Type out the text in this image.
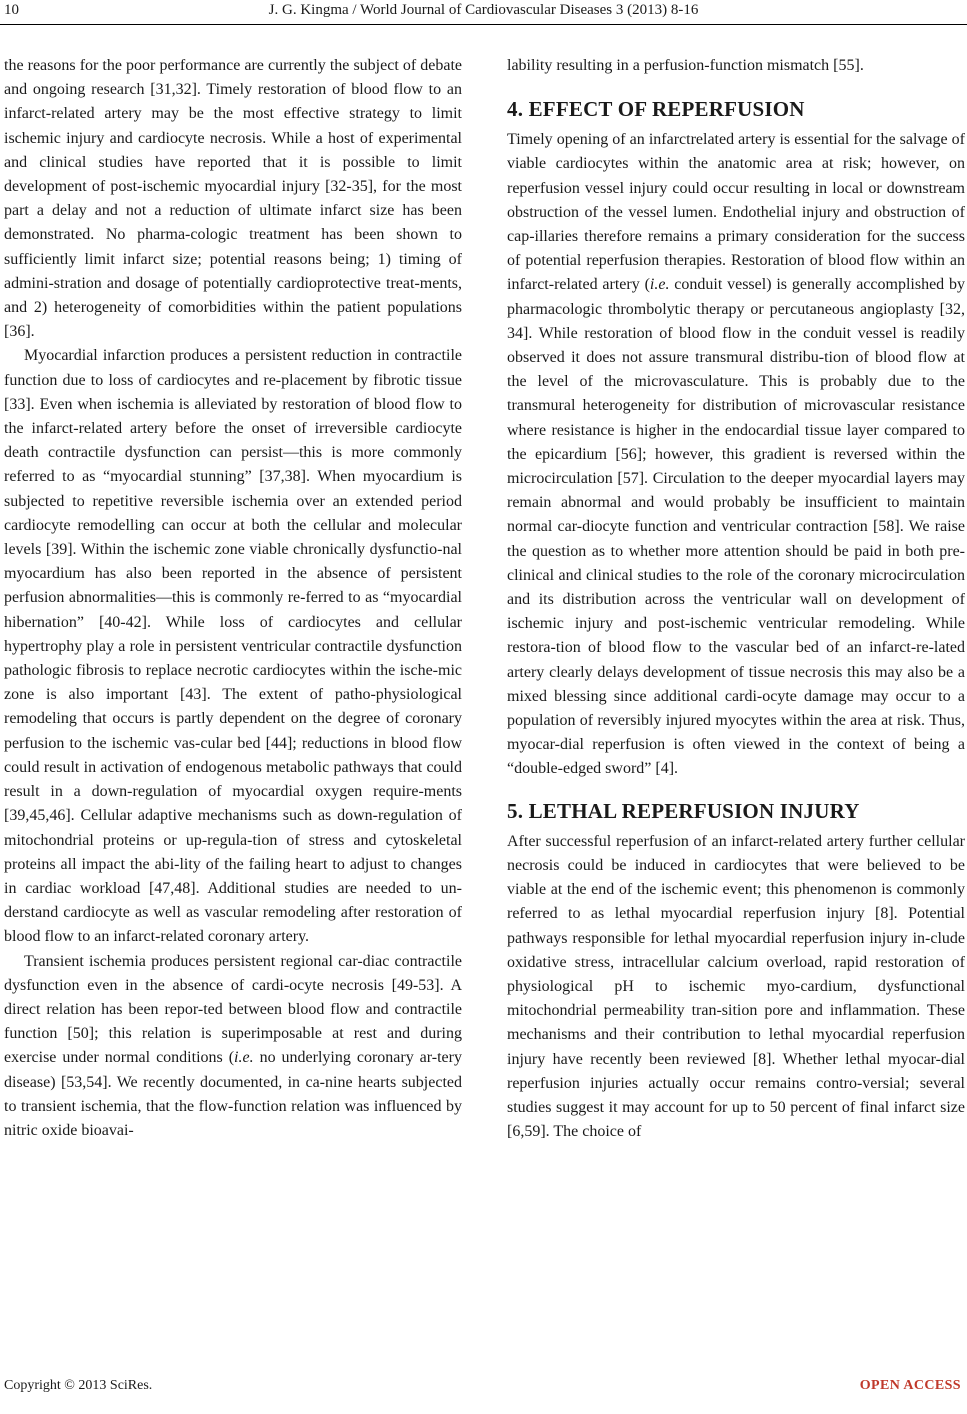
10	J. G. Kingma / World Journal of Cardiovascular Diseases 3 (2013) 8-16

the reasons for the poor performance are currently the subject of debate and ongoing research [31,32]. Timely restoration of blood flow to an infarct-related artery may be the most effective strategy to limit ischemic injury and cardiocyte necrosis. While a host of experimental and clinical studies have reported that it is possible to limit development of post-ischemic myocardial injury [32-35], for the most part a delay and not a reduction of ultimate infarct size has been demonstrated. No pharma-cologic treatment has been shown to sufficiently limit infarct size; potential reasons being; 1) timing of admini-stration and dosage of potentially cardioprotective treat-ments, and 2) heterogeneity of comorbidities within the patient populations [36].

Myocardial infarction produces a persistent reduction in contractile function due to loss of cardiocytes and re-placement by fibrotic tissue [33]. Even when ischemia is alleviated by restoration of blood flow to the infarct-related artery before the onset of irreversible cardiocyte death contractile dysfunction can persist—this is more commonly referred to as “myocardial stunning” [37,38]. When myocardium is subjected to repetitive reversible ischemia over an extended period cardiocyte remodelling can occur at both the cellular and molecular levels [39]. Within the ischemic zone viable chronically dysfunctio-nal myocardium has also been reported in the absence of persistent perfusion abnormalities—this is commonly re-ferred to as “myocardial hibernation” [40-42]. While loss of cardiocytes and cellular hypertrophy play a role in persistent ventricular contractile dysfunction pathologic fibrosis to replace necrotic cardiocytes within the ische-mic zone is also important [43]. The extent of patho-physiological remodeling that occurs is partly dependent on the degree of coronary perfusion to the ischemic vas-cular bed [44]; reductions in blood flow could result in activation of endogenous metabolic pathways that could result in a down-regulation of myocardial oxygen require-ments [39,45,46]. Cellular adaptive mechanisms such as down-regulation of mitochondrial proteins or up-regula-tion of stress and cytoskeletal proteins all impact the abi-lity of the failing heart to adjust to changes in cardiac workload [47,48]. Additional studies are needed to un-derstand cardiocyte as well as vascular remodeling after restoration of blood flow to an infarct-related coronary artery.

Transient ischemia produces persistent regional car-diac contractile dysfunction even in the absence of cardi-ocyte necrosis [49-53]. A direct relation has been repor-ted between blood flow and contractile function [50]; this relation is superimposable at rest and during exercise under normal conditions (i.e. no underlying coronary ar-tery disease) [53,54]. We recently documented, in ca-nine hearts subjected to transient ischemia, that the flow-function relation was influenced by nitric oxide bioavai-

lability resulting in a perfusion-function mismatch [55].

4. EFFECT OF REPERFUSION

Timely opening of an infarctrelated artery is essential for the salvage of viable cardiocytes within the anatomic area at risk; however, on reperfusion vessel injury could occur resulting in local or downstream obstruction of the vessel lumen. Endothelial injury and obstruction of cap-illaries therefore remains a primary consideration for the success of potential reperfusion therapies. Restoration of blood flow within an infarct-related artery (i.e. conduit vessel) is generally accomplished by pharmacologic thrombolytic therapy or percutaneous angioplasty [32, 34]. While restoration of blood flow in the conduit vessel is readily observed it does not assure transmural distribu-tion of blood flow at the level of the microvasculature. This is probably due to the transmural heterogeneity for distribution of microvascular resistance where resistance is higher in the endocardial tissue layer compared to the epicardium [56]; however, this gradient is reversed within the microcirculation [57]. Circulation to the deeper myocardial layers may remain abnormal and would probably be insufficient to maintain normal car-diocyte function and ventricular contraction [58]. We raise the question as to whether more attention should be paid in both pre-clinical and clinical studies to the role of the coronary microcirculation and its distribution across the ventricular wall on development of ischemic injury and post-ischemic ventricular remodeling. While restora-tion of blood flow to the vascular bed of an infarct-re-lated artery clearly delays development of tissue necrosis this may also be a mixed blessing since additional cardi-ocyte damage may occur to a population of reversibly injured myocytes within the area at risk. Thus, myocar-dial reperfusion is often viewed in the context of being a “double-edged sword” [4].

5. LETHAL REPERFUSION INJURY

After successful reperfusion of an infarct-related artery further cellular necrosis could be induced in cardiocytes that were believed to be viable at the end of the ischemic event; this phenomenon is commonly referred to as lethal myocardial reperfusion injury [8]. Potential pathways responsible for lethal myocardial reperfusion injury in-clude oxidative stress, intracellular calcium overload, rapid restoration of physiological pH to ischemic myo-cardium, dysfunctional mitochondrial permeability tran-sition pore and inflammation. These mechanisms and their contribution to lethal myocardial reperfusion injury have recently been reviewed [8]. Whether lethal myocar-dial reperfusion injuries actually occur remains contro-versial; several studies suggest it may account for up to 50 percent of final infarct size [6,59]. The choice of

Copyright © 2013 SciRes.	OPEN ACCESS
